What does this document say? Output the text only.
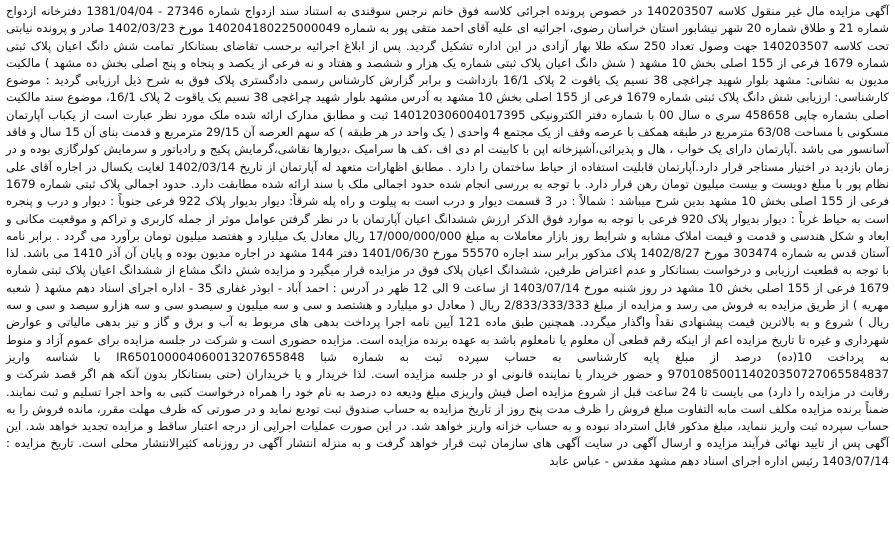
آگهی مزایده مال غیر منقول کلاسه 140203507 در خصوص پرونده اجرائی کلاسه فوق خانم نرجس سوقندی به استناد سند ازدواج شماره 27346 - 1381/04/04 دفترخانه ازدواج شماره 21 و طلاق شماره 20 شهر نیشابور استان خراسان رضوی، اجرائیه ای علیه آقای احمد متقی پور به شماره 140204180225000049 مورخ 1402/03/23 صادر و پرونده نیابتی تحت کلاسه 140203507 جهت وصول تعداد 250 سکه طلا بهار آزادی در این اداره تشکیل گردید. پس از ابلاغ اجرائیه برحسب تقاضای بستانکار تمامت شش دانگ اعیان پلاک ثبتی شماره 1679 فرعی از 155 اصلی بخش 10 مشهد ( شش دانگ اعیان پلاک ثبتی شماره یک هزار و ششصد و هفتاد و نه فرعی از یکصد و پنجاه و پنج اصلی بخش ده مشهد ) مالکیت مدیون به نشانی: مشهد بلوار شهید چراغچی 38 نسیم یک یاقوت 2 پلاک 16/1 بازداشت و برابر گزارش کارشناس رسمی دادگستری پلاک فوق به شرح ذیل ارزیابی گردید : موضوع کارشناسی: ارزیابی شش دانگ پلاک ثبتی شماره 1679 فرعی از 155 اصلی بخش 10 مشهد به آدرس مشهد بلوار شهید چراغچی 38 نسیم یک یاقوت 2 پلاک 16/1، موضوع سند مالکیت اصلی بشماره چاپی 458658 سری ه سال 00 با شماره دفتر الکترونیکی 140120306004017395 ثبت و مطابق مدارک ارائه شده ملک مورد نظر عبارت است از یکباب آپارتمان مسکونی با مساحت 63/08 مترمربع در طبقه همکف با عرصه وقف از یک مجتمع 4 واحدی ( یک واحد در هر طبقه ) که سهم العرصه آن 29/15 مترمربع و قدمت بنای آن 15 سال و فاقد آسانسور می باشد .آپارتمان دارای یک خواب ، هال و پذیرائی،آشپزخانه اپن با کابینت ام دی اف ،کف ها سرامیک ،دیوارها نقاشی،گرمایش پکیج و رادیاتور و سرمایش کولرگازی بوده و در زمان بازدید در اختیار مستاجر قرار دارد.آپارتمان قابلیت استفاده از حیاط ساختمان را دارد . مطابق اظهارات متعهد له آپارتمان از تاریخ 1402/03/14 لغایت یکسال در اجاره آقای علی نظام پور با مبلغ دویست و بیست میلیون تومان رهن قرار دارد. با توجه به بررسی انجام شده حدود اجمالی ملک با سند ارائه شده مطابقت دارد. حدود اجمالی پلاک ثبتی شماره 1679 فرعی از 155 اصلی بخش 10 مشهد بدین شرح میباشد : شمالاً : در 3 قسمت دیوار و درب است به پیلوت و راه پله شرقاً: دیوار بدیوار پلاک 922 فرعی جنوباً : دیوار و درب و پنجره است به حیاط غرباً : دیوار بدیوار پلاک 920 فرعی با توجه به موارد فوق الذکر ارزش ششدانگ اعیان آپارتمان با در نظر گرفتن عوامل موثر از جمله کاربری و تراکم و موقعیت مکانی و ابعاد و شکل هندسی و قدمت و قیمت املاک مشابه و شرایط روز بازار معاملات به مبلغ 17/000/000/000 ریال معادل یک میلیارد و هفتصد میلیون تومان برآورد می گردد . برابر نامه آستان قدس به شماره 303474 مورخ 1402/8/27 پلاک مذکور برابر سند اجاره 55570 مورخ 1401/06/30 دفتر 144 مشهد در اجاره مدیون بوده و پایان آن آذر 1410 می باشد. لذا با توجه به قطعیت ارزیابی و درخواست بستانکار و عدم اعتراض طرفین، ششدانگ اعیان پلاک فوق در مزایده قرار میگیرد و مزایده شش دانگ مشاع از ششدانگ اعیان پلاک ثبتی شماره 1679 فرعی از 155 اصلی بخش 10 مشهد در روز شنبه مورخ 1403/07/14 از ساعت 9 الی 12 ظهر در آدرس : احمد آباد - ابوذر غفاری 35 - اداره اجرای اسناد دهم مشهد ( شعبه مهریه ) از طریق مزایده به فروش می رسد و مزایده از مبلغ 2/833/333/333 ریال ( معادل دو میلیارد و هشتصد و سی و سه میلیون و سیصدو سی و سه هزارو سیصد و سی و سه ریال ) شروع و به بالاترین قیمت پیشنهادی نقداً واگذار میگردد. همچنین طبق ماده 121 آیین نامه اجرا پرداخت بدهی های مربوط به آب و برق و گاز و نیز بدهی مالیاتی و عوارض شهرداری و غیره تا تاریخ مزایده اعم از اینکه رقم قطعی آن معلوم یا نامعلوم باشد به عهده برنده مزایده است. مزایده حضوری است و شرکت در جلسه مزایده برای عموم آزاد و منوط به پرداخت 10(ده) درصد از مبلغ پایه کارشناسی به حساب سپرده ثبت به شماره شبا IR650100004060013207655848 با شناسه واریز 970108500114020350727065584837 و حضور خریدار یا نماینده قانونی او در جلسه مزایده است. لذا خریدار و یا خریداران (حتی بستانکار بدون آنکه هم اگر قصد شرکت و رقابت در مزایده را دارد) می بایست تا 24 ساعت قبل از شروع مزایده اصل فیش واریزی مبلغ ودیعه ده درصد به نام خود را همراه درخواست کتبی به واحد اجرا تسلیم و ثبت نمایند. ضمناً برنده مزایده مکلف است مابه التفاوت مبلغ فروش را ظرف مدت پنج روز از تاریخ مزایده به حساب صندوق ثبت تودیع نماید و در صورتی که ظرف مهلت مقرر، مانده فروش را به حساب سپرده ثبت واریز ننماید، مبلغ مذکور قابل استرداد نبوده و به حساب خزانه واریز خواهد شد. در این صورت عملیات اجرایی از درجه اعتبار ساقط و مزایده تجدید خواهد شد. این آگهی پس از تایید نهائی فرآیند مزایده و ارسال آگهی در سایت آگهی های سازمان ثبت قرار خواهد گرفت و به منزله انتشار آگهی در روزنامه کثیرالانتشار محلی است. تاریخ مزایده : 1403/07/14 رئیس اداره اجرای اسناد دهم مشهد مقدس - عباس عابد
